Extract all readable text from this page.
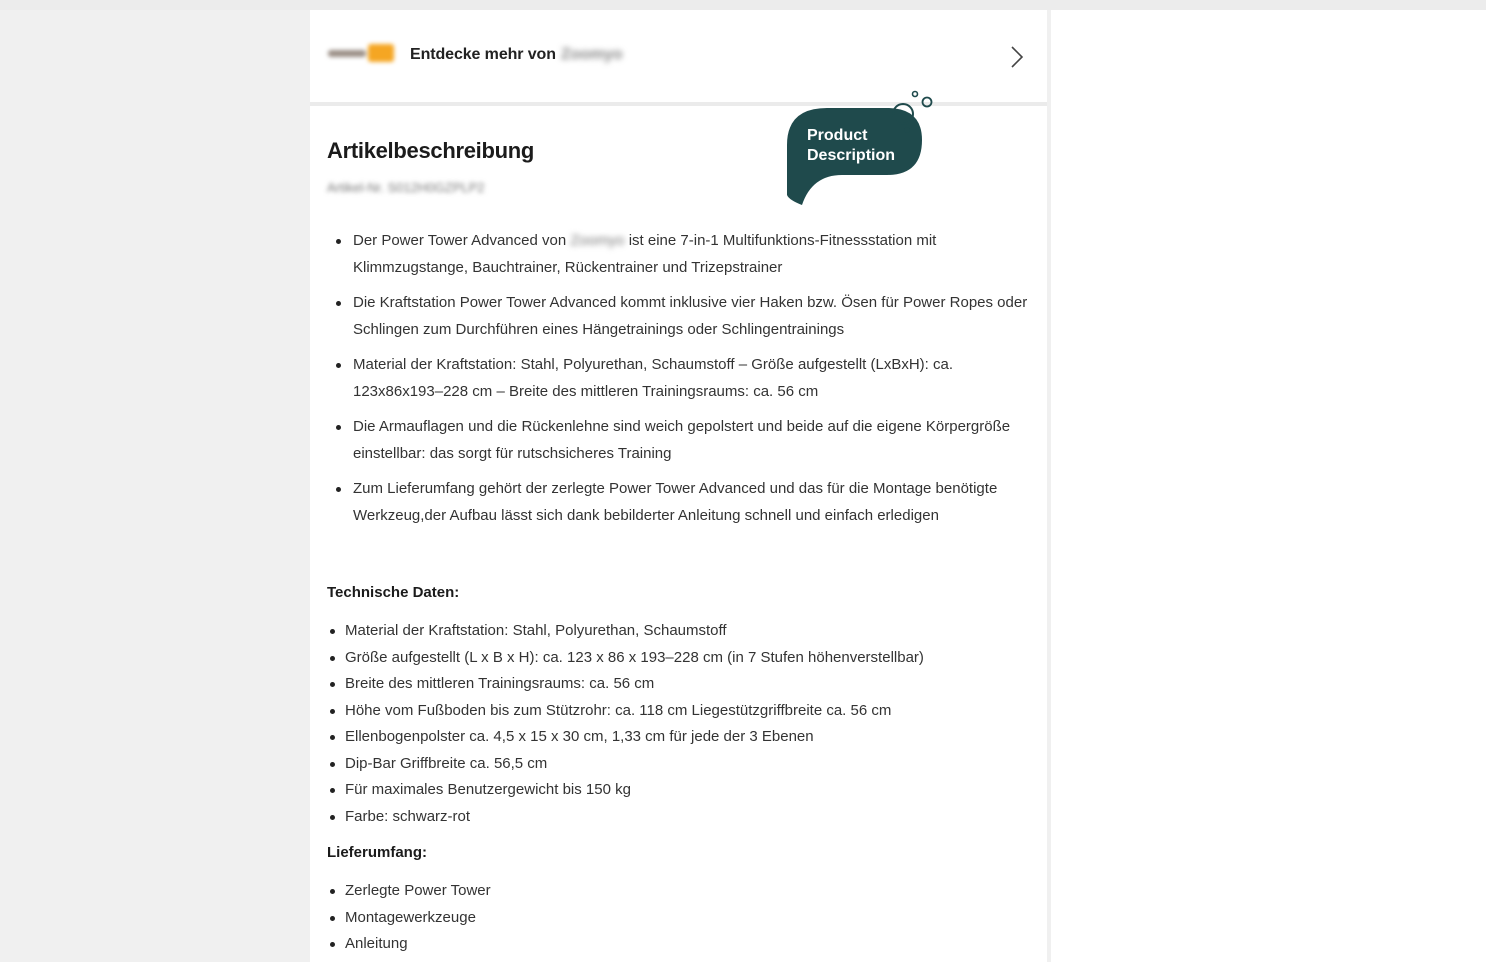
Entdecke mehr von Zoomyo
Artikelbeschreibung
Artikel-Nr. S012H0GZPLP2
Product Description
Der Power Tower Advanced von Zoomyo ist eine 7-in-1 Multifunktions-Fitnessstation mit Klimmzugstange, Bauchtrainer, Rückentrainer und Trizepstrainer
Die Kraftstation Power Tower Advanced kommt inklusive vier Haken bzw. Ösen für Power Ropes oder Schlingen zum Durchführen eines Hängetrainings oder Schlingentrainings
Material der Kraftstation: Stahl, Polyurethan, Schaumstoff – Größe aufgestellt (LxBxH): ca. 123x86x193–228 cm – Breite des mittleren Trainingsraums: ca. 56 cm
Die Armauflagen und die Rückenlehne sind weich gepolstert und beide auf die eigene Körpergröße einstellbar: das sorgt für rutschsicheres Training
Zum Lieferumfang gehört der zerlegte Power Tower Advanced und das für die Montage benötigte Werkzeug,der Aufbau lässt sich dank bebilderter Anleitung schnell und einfach erledigen
Technische Daten:
Material der Kraftstation: Stahl, Polyurethan, Schaumstoff
Größe aufgestellt (L x B x H): ca. 123 x 86 x 193–228 cm (in 7 Stufen höhenverstellbar)
Breite des mittleren Trainingsraums: ca. 56 cm
Höhe vom Fußboden bis zum Stützrohr: ca. 118 cm Liegestützgriffbreite ca. 56 cm
Ellenbogenpolster ca. 4,5 x 15 x 30 cm, 1,33 cm für jede der 3 Ebenen
Dip-Bar Griffbreite ca. 56,5 cm
Für maximales Benutzergewicht bis 150 kg
Farbe: schwarz-rot
Lieferumfang:
Zerlegte Power Tower
Montagewerkzeuge
Anleitung
